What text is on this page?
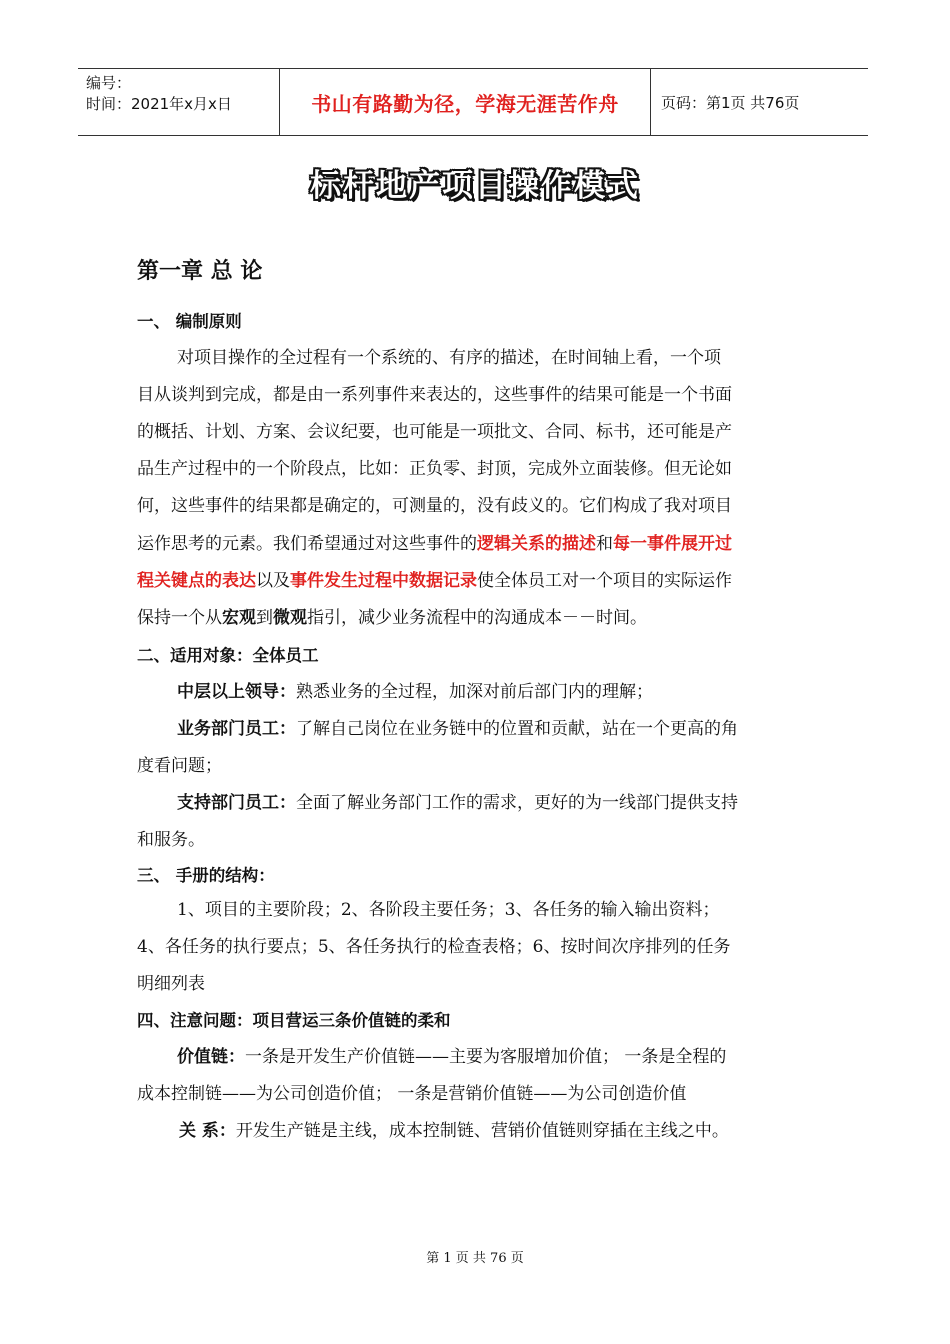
编号：
时间：2021年x月x日	书山有路勤为径，学海无涯苦作舟	页码：第1页 共76页
标杆地产项目操作模式
第一章 总 论
一、 编制原则
对项目操作的全过程有一个系统的、有序的描述，在时间轴上看，一个项
目从谈判到完成，都是由一系列事件来表达的，这些事件的结果可能是一个书面
的概括、计划、方案、会议纪要，也可能是一项批文、合同、标书，还可能是产
品生产过程中的一个阶段点，比如：正负零、封顶，完成外立面装修。但无论如
何，这些事件的结果都是确定的，可测量的，没有歧义的。它们构成了我对项目
运作思考的元素。我们希望通过对这些事件的逻辑关系的描述和每一事件展开过
程关键点的表达以及事件发生过程中数据记录使全体员工对一个项目的实际运作
保持一个从宏观到微观指引，减少业务流程中的沟通成本－－时间。
二、适用对象：全体员工
中层以上领导：熟悉业务的全过程，加深对前后部门内的理解；
业务部门员工：了解自己岗位在业务链中的位置和贡献，站在一个更高的角
度看问题；
支持部门员工：全面了解业务部门工作的需求，更好的为一线部门提供支持
和服务。
三、 手册的结构：
1、项目的主要阶段；2、各阶段主要任务；3、各任务的输入输出资料；
4、各任务的执行要点；5、各任务执行的检查表格；6、按时间次序排列的任务
明细列表
四、注意问题：项目营运三条价值链的柔和
价值链：一条是开发生产价值链——主要为客服增加价值； 一条是全程的
成本控制链——为公司创造价值； 一条是营销价值链——为公司创造价值
关 系：开发生产链是主线，成本控制链、营销价值链则穿插在主线之中。
第 1 页 共 76 页
